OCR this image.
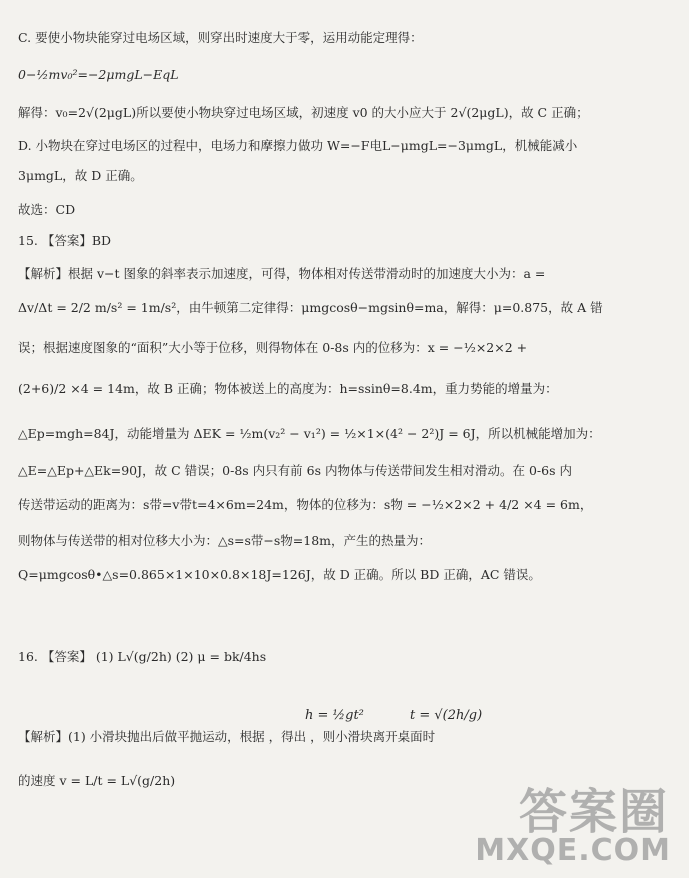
C. 要使小物块能穿过电场区域，则穿出时速度大于零，运用动能定理得：
0−½mv₀²=−2μmgL−EqL
解得：v₀=2√(2μgL)所以要使小物块穿过电场区域，初速度 v0 的大小应大于 2√(2μgL)，故 C 正确；
D. 小物块在穿过电场区的过程中，电场力和摩擦力做功 W=−F电L−μmgL=−3μmgL，机械能减小
3μmgL，故 D 正确。
故选：CD
15. 【答案】BD
【解析】根据 v−t 图象的斜率表示加速度，可得，物体相对传送带滑动时的加速度大小为：a =
Δv/Δt = 2/2 m/s² = 1m/s²，由牛顿第二定律得：μmgcosθ−mgsinθ=ma，解得：μ=0.875，故 A 错
误；根据速度图象的“面积”大小等于位移，则得物体在 0-8s 内的位移为：x = −½×2×2 +
(2+6)/2 ×4 = 14m，故 B 正确；物体被送上的高度为：h=ssinθ=8.4m，重力势能的增量为：
△Ep=mgh=84J，动能增量为 ΔEK = ½m(v₂² − v₁²) = ½×1×(4² − 2²)J = 6J，所以机械能增加为：
△E=△Ep+△Ek=90J，故 C 错误；0-8s 内只有前 6s 内物体与传送带间发生相对滑动。在 0-6s 内
传送带运动的距离为：s带=v带t=4×6m=24m，物体的位移为：s物 = −½×2×2 + 4/2 ×4 = 6m，
则物体与传送带的相对位移大小为：△s=s带−s物=18m，产生的热量为：
Q=μmgcosθ•△s=0.865×1×10×0.8×18J=126J，故 D 正确。所以 BD 正确，AC 错误。
16. 【答案】 (1) L√(g/2h) (2) μ = bk/4hs
h = ½gt²	t = √(2h/g)
【解析】(1) 小滑块抛出后做平抛运动，根据 ，得出 ，则小滑块离开桌面时
的速度 v = L/t = L√(g/2h)
答案圈
MXQE.COM
